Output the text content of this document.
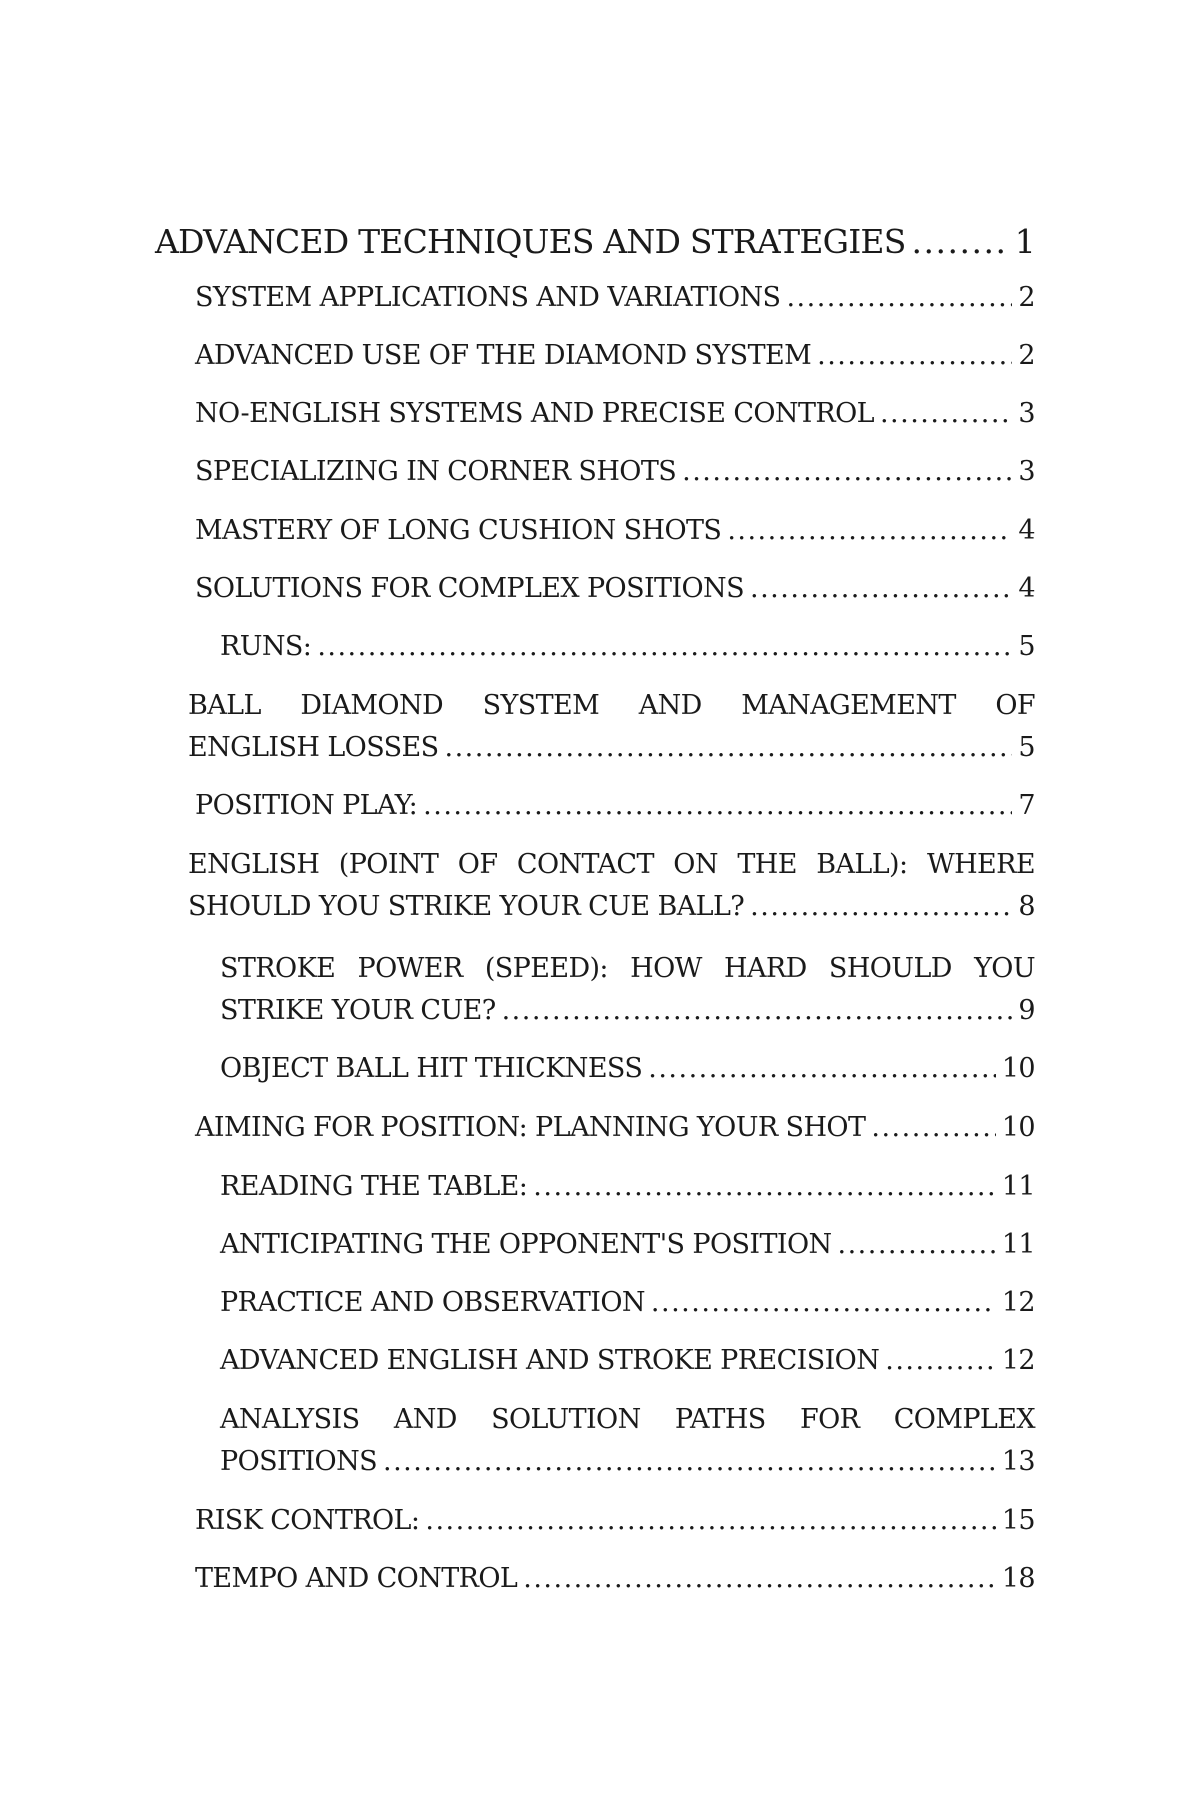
ADVANCED TECHNIQUES AND STRATEGIES .....	1
SYSTEM APPLICATIONS AND VARIATIONS .....	2
ADVANCED USE OF THE DIAMOND SYSTEM .....	2
NO-ENGLISH SYSTEMS AND PRECISE CONTROL .....	3
SPECIALIZING IN CORNER SHOTS .....	3
MASTERY OF LONG CUSHION SHOTS .....	4
SOLUTIONS FOR COMPLEX POSITIONS .....	4
RUNS: .....	5
BALL DIAMOND SYSTEM AND MANAGEMENT OF
ENGLISH LOSSES .....	5
POSITION PLAY: .....	7
ENGLISH (POINT OF CONTACT ON THE BALL): WHERE
SHOULD YOU STRIKE YOUR CUE BALL? .....	8
STROKE POWER (SPEED): HOW HARD SHOULD YOU
STRIKE YOUR CUE? .....	9
OBJECT BALL HIT THICKNESS .....	10
AIMING FOR POSITION: PLANNING YOUR SHOT .....	10
READING THE TABLE: .....	11
ANTICIPATING THE OPPONENT'S POSITION .....	11
PRACTICE AND OBSERVATION .....	12
ADVANCED ENGLISH AND STROKE PRECISION .....	12
ANALYSIS AND SOLUTION PATHS FOR COMPLEX
POSITIONS .....	13
RISK CONTROL: .....	15
TEMPO AND CONTROL .....	18
